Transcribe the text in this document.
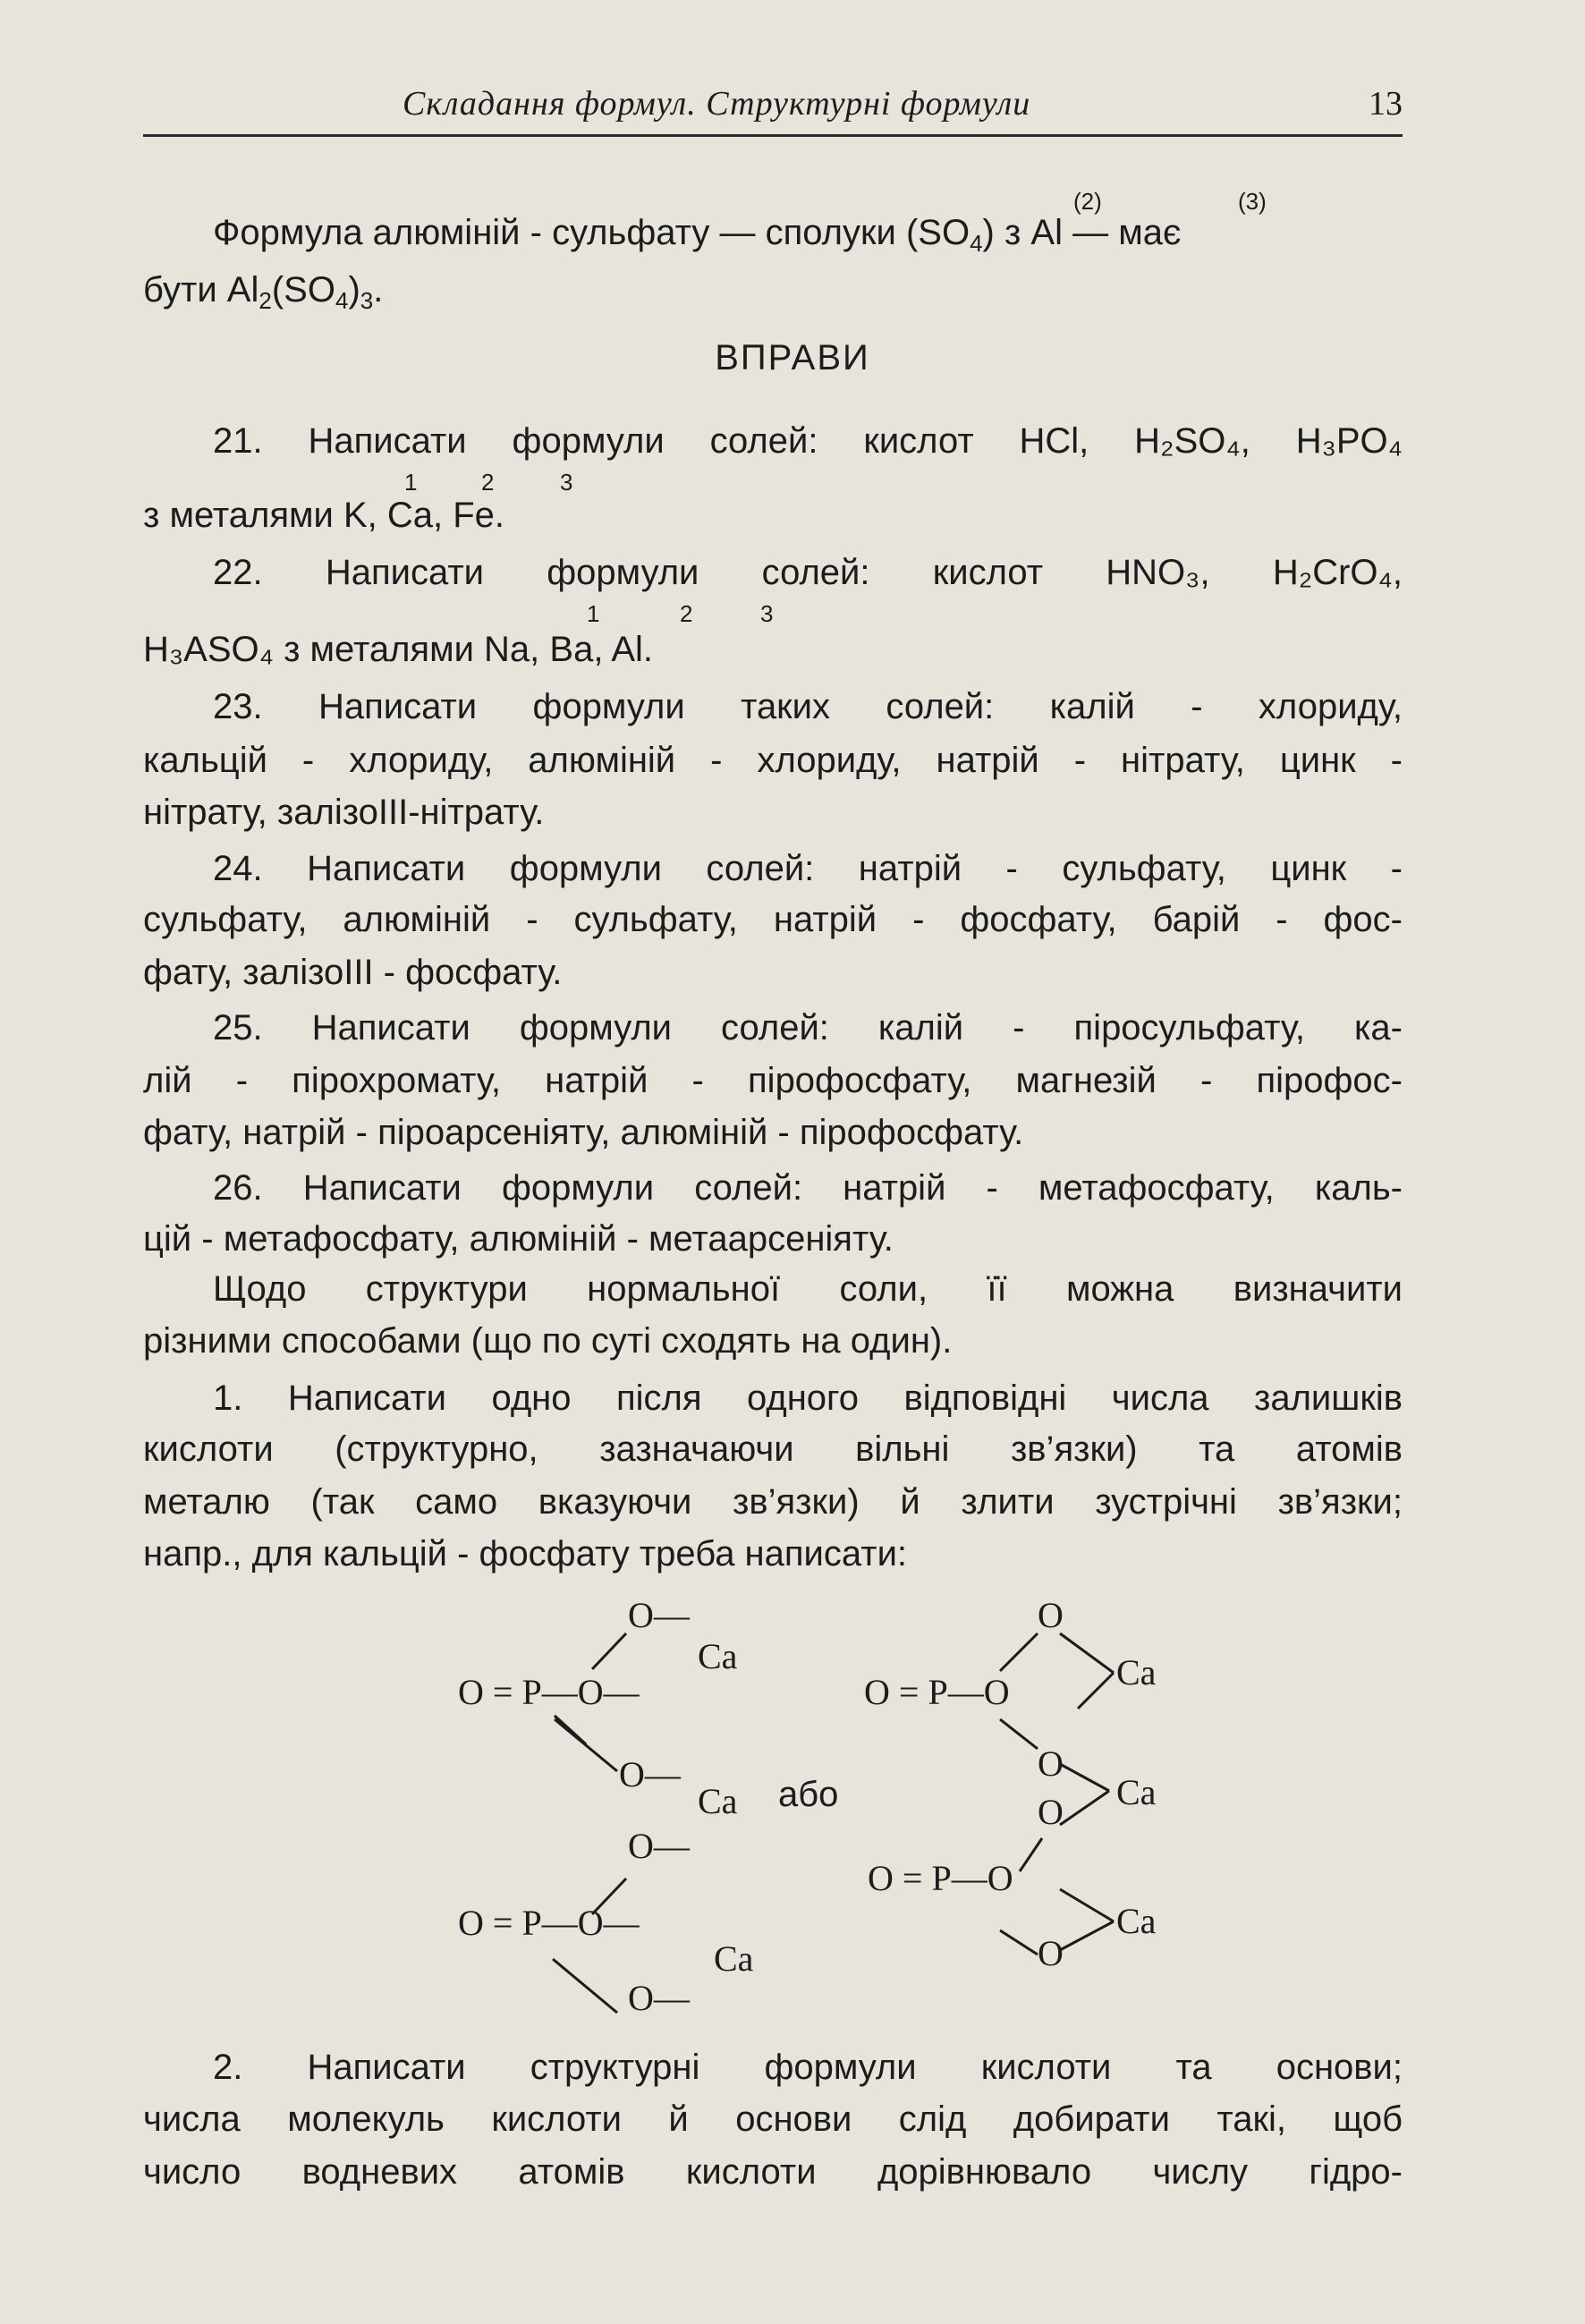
Складання формул. Структурні формули	13
(2)	(3)
Формула алюміній - сульфату — сполуки $(SO_4)$ з Al — має
бути $Al_2(SO_4)_3$.
ВПРАВИ
21. Написати формули солей: кислот HCl, H₂SO₄, H₃PO₄
1	2	3
з металями K, Ca, Fe.
22. Написати формули солей: кислот HNO₃, H₂CrO₄,
1	2	3
H₃ASO₄ з металями Na, Ba, Al.
23. Написати формули таких солей: калій - хлориду,
кальцій - хлориду, алюміній - хлориду, натрій - нітрату, цинк -
нітрату, залізоIII-нітрату.
24. Написати формули солей: натрій - сульфату, цинк -
сульфату, алюміній - сульфату, натрій - фосфату, барій - фос-
фату, залізоIII - фосфату.
25. Написати формули солей: калій - піросульфату, ка-
лій - пірохромату, натрій - пірофосфату, магнезій - пірофос-
фату, натрій - піроарсеніяту, алюміній - пірофосфату.
26. Написати формули солей: натрій - метафосфату, каль-
цій - метафосфату, алюміній - метаарсеніяту.
Щодо структури нормальної соли, її можна визначити
різними способами (що по суті сходять на один).
1. Написати одно після одного відповідні числа залишків
кислоти (структурно, зазначаючи вільні зв’язки) та атомів
металю (так само вказуючи зв’язки) й злити зустрічні зв’язки;
напр., для кальцій - фосфату треба написати:
O—
Ca
O = P—O—
O—
Ca або
O—
O = P—O—
Ca
O—
O
O = P—O	Ca
O
O Ca
O = P—O
Ca
O
2. Написати структурні формули кислоти та основи;
числа молекуль кислоти й основи слід добирати такі, щоб
число водневих атомів кислоти дорівнювало числу гідро-
